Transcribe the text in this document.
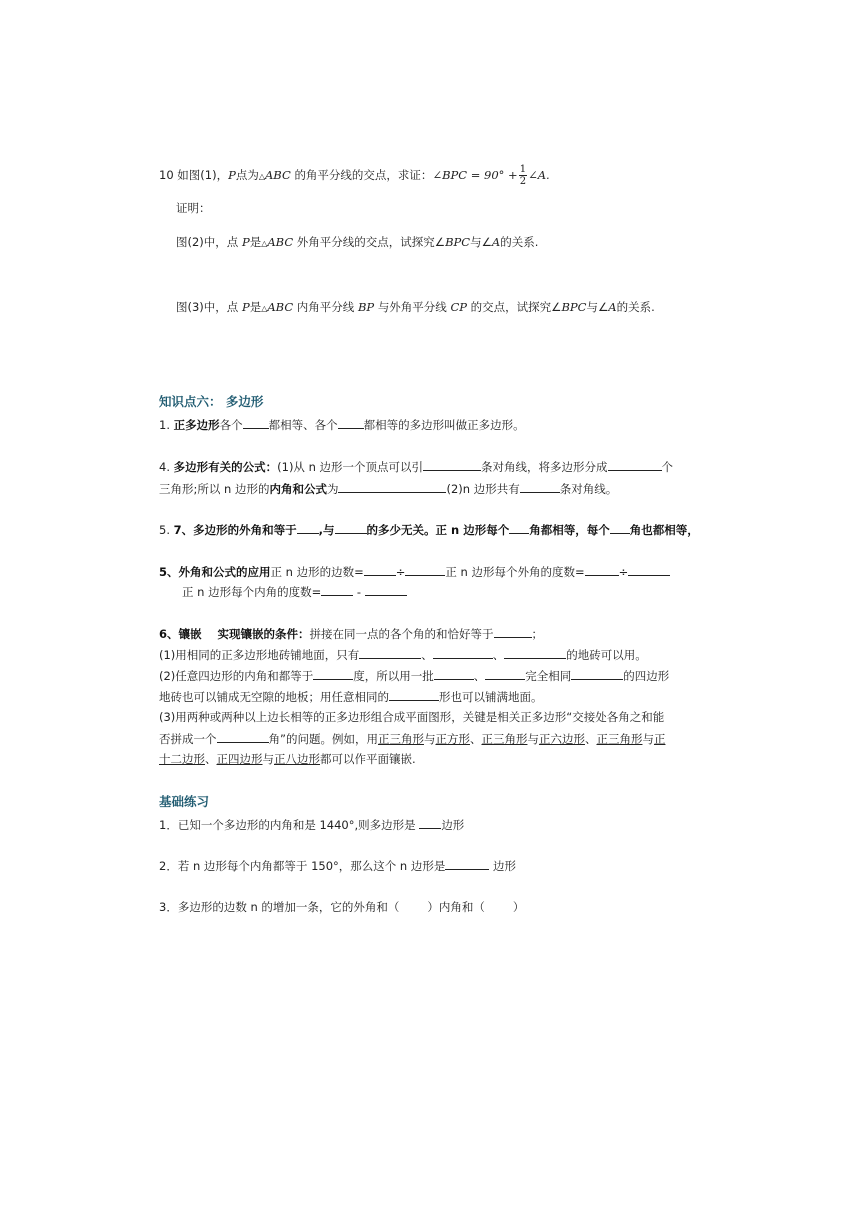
10 如图(1)，P点为△ABC 的角平分线的交点，求证：∠BPC = $90^\circ + \frac{1}{2}$ ∠A.
证明：
图(2)中，点 P是△ABC 外角平分线的交点，试探究∠BPC与∠A的关系.
图(3)中，点 P是△ABC 内角平分线 BP 与外角平分线 CP 的交点，试探究∠BPC与∠A的关系.
知识点六： 多边形
1. 正多边形各个 都相等、各个 都相等的多边形叫做正多边形。
4. 多边形有关的公式：(1)从 n 边形一个顶点可以引	条对角线，将多边形分成	个
三角形;所以 n 边形的内角和公式为	(2)n 边形共有	条对角线。
5. 7、多边形的外角和等于 ,与	的多少无关。正 n 边形每个 角都相等，每个 角也都相等，
5、外角和公式的应用正 n 边形的边数=	÷	正 n 边形每个外角的度数=	÷
正 n 边形每个内角的度数=	-
6、镶嵌 实现镶嵌的条件：拼接在同一点的各个角的和恰好等于	；
(1)用相同的正多边形地砖铺地面，只有	、	、	的地砖可以用。
(2)任意四边形的内角和都等于	度，所以用一批	、	完全相同	的四边形
地砖也可以铺成无空隙的地板；用任意相同的	形也可以铺满地面。
(3)用两种或两种以上边长相等的正多边形组合成平面图形，关键是相关正多边形“交接处各角之和能
否拼成一个	角”的问题。例如，用正三角形与正方形、正三角形与正六边形、正三角形与正
十二边形、正四边形与正八边形都可以作平面镶嵌.
基础练习
1．已知一个多边形的内角和是 1440°,则多边形是 边形
2．若 n 边形每个内角都等于 150°，那么这个 n 边形是	边形
3．多边形的边数 n 的增加一条，它的外角和（ ）内角和（ ）
